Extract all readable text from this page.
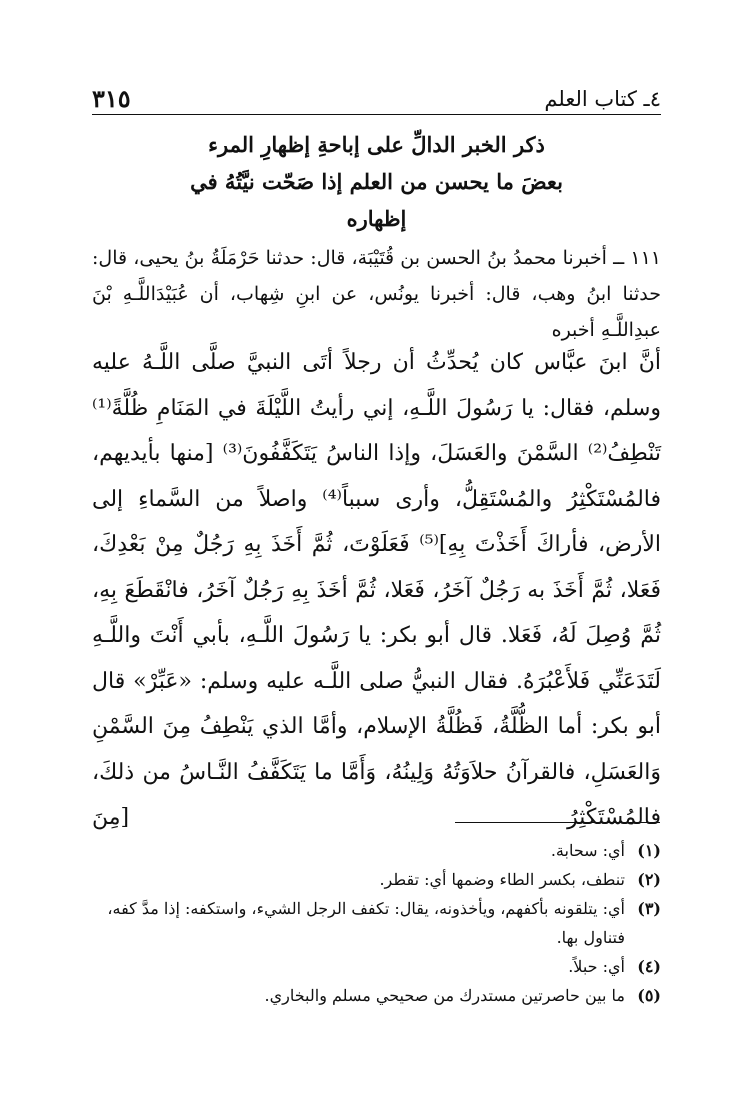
٤ـ كتاب العلم
٣١٥
ذكر الخبر الدالِّ على إباحةِ إظهارِ المرء بعضَ ما يحسن من العلم إذا صَحّت نيَّتُهُ في إظهاره

١١١ ــ أخبرنا محمدُ بنُ الحسن بن قُتَيْبَة، قال: حدثنا حَرْمَلَةُ بنُ يحيى، قال: حدثنا ابنُ وهب، قال: أخبرنا يونُس، عن ابنِ شِهاب، أن عُبَيْدَاللَّـهِ بْنَ عبدِاللَّـهِ أخبره

أنَّ ابنَ عبَّاس كان يُحدِّثُ أن رجلاً أتَى النبيَّ صلَّى اللَّـهُ عليه وسلم، فقال: يا رَسُولَ اللَّـهِ، إني رأيتُ اللَّيْلَةَ في المَنَامِ ظُلَّةً⁽¹⁾ تَنْطِفُ⁽²⁾ السَّمْنَ والعَسَلَ، وإذا الناسُ يَتَكَفَّفُونَ⁽³⁾ [منها بأيديهم، فالمُسْتَكْثِرُ والمُسْتَقِلُّ، وأرى سبباً⁽⁴⁾ واصلاً من السَّماءِ إلى الأرض، فأراكَ أَخَذْتَ بِهِ]⁽⁵⁾ فَعَلَوْتَ، ثُمَّ أَخَذَ بِهِ رَجُلٌ مِنْ بَعْدِكَ، فَعَلا، ثُمَّ أَخَذَ به رَجُلٌ آخَرُ، فَعَلا، ثُمَّ أخَذَ بِهِ رَجُلٌ آخَرُ، فانْقَطَعَ بِهِ، ثُمَّ وُصِلَ لَهُ، فَعَلا. قال أبو بكر: يا رَسُولَ اللَّـهِ، بأبي أَنْتَ واللَّـهِ لَتَدَعَنِّي فَلأَعْبُرَهُ. فقال النبيُّ صلى اللَّـه عليه وسلم: «عَبِّرْ» قال أبو بكر: أما الظُّلَّةُ، فَظُلَّةُ الإسلام، وأمَّا الذي يَنْطِفُ مِنَ السَّمْنِ وَالعَسَلِ، فالقرآنُ حلاَوَتُهُ وَلِينُهُ، وَأَمَّا ما يَتَكَفَّفُ النَّـاسُ من ذلكَ، فالمُسْتَكْثِرُ [مِنَ

(١)
أي: سحابة.
(٢)
تنطف، بكسر الطاء وضمها أي: تقطر.
(٣)
أي: يتلقونه بأكفهم، ويأخذونه، يقال: تكفف الرجل الشيء، واستكفه: إذا مدَّ كفه، فتناول بها.
(٤)
أي: حبلاً.
(٥)
ما بين حاصرتين مستدرك من صحيحي مسلم والبخاري.
